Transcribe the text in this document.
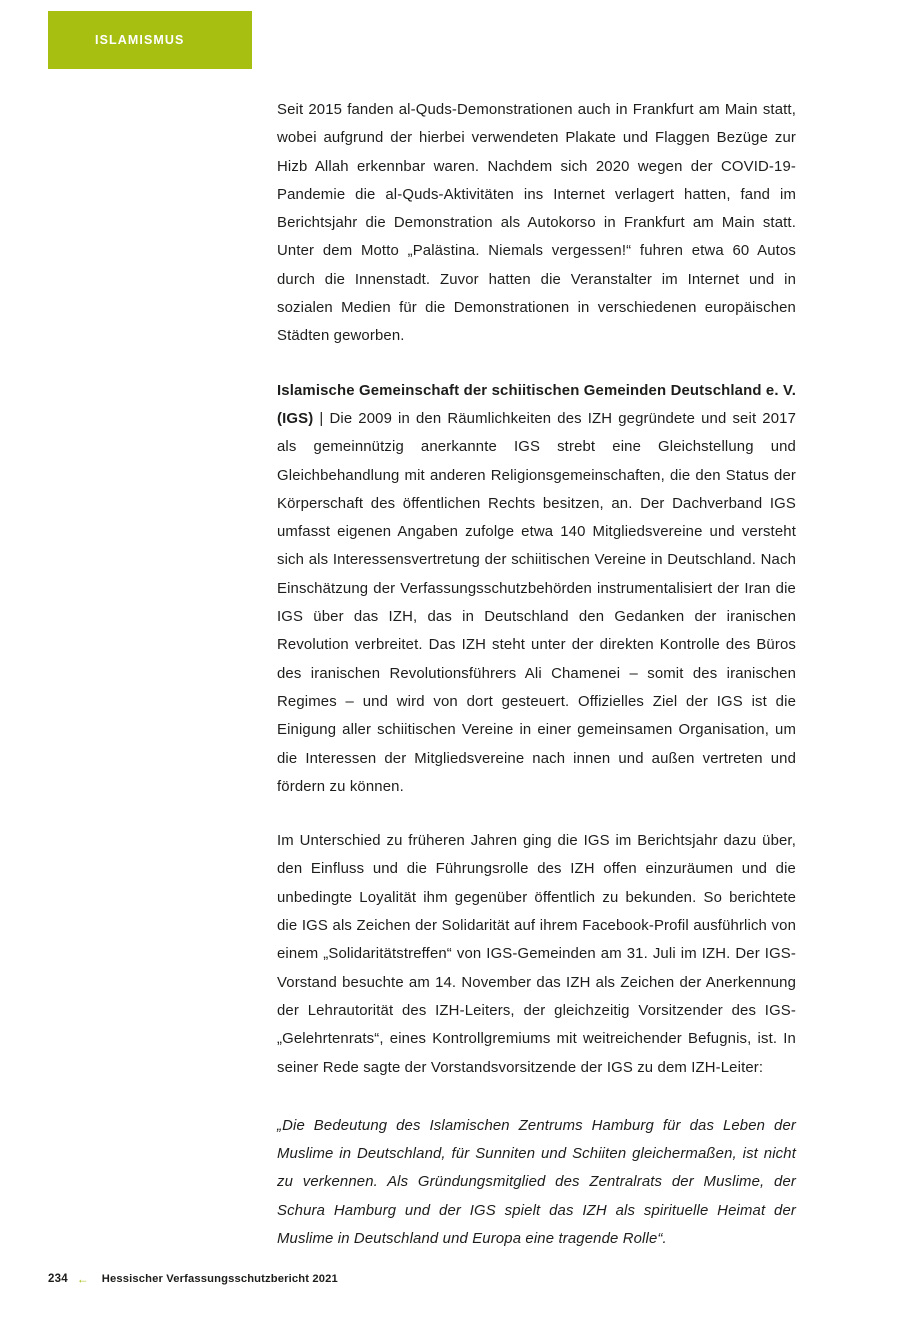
ISLAMISMUS

Seit 2015 fanden al-Quds-Demonstrationen auch in Frankfurt am Main statt, wobei aufgrund der hierbei verwendeten Plakate und Flaggen Bezüge zur Hizb Allah erkennbar waren. Nachdem sich 2020 wegen der COVID-19-Pandemie die al-Quds-Aktivitäten ins Internet verlagert hatten, fand im Berichtsjahr die Demonstration als Autokorso in Frankfurt am Main statt. Unter dem Motto „Palästina. Niemals vergessen!“ fuhren etwa 60 Autos durch die Innenstadt. Zuvor hatten die Veranstalter im Internet und in sozialen Medien für die Demonstrationen in verschiedenen europäischen Städten geworben.

Islamische Gemeinschaft der schiitischen Gemeinden Deutschland e. V. (IGS) | Die 2009 in den Räumlichkeiten des IZH gegründete und seit 2017 als gemeinnützig anerkannte IGS strebt eine Gleichstellung und Gleichbehandlung mit anderen Religionsgemeinschaften, die den Status der Körperschaft des öffentlichen Rechts besitzen, an. Der Dachverband IGS umfasst eigenen Angaben zufolge etwa 140 Mitgliedsvereine und versteht sich als Interessensvertretung der schiitischen Vereine in Deutschland. Nach Einschätzung der Verfassungsschutzbehörden instrumentalisiert der Iran die IGS über das IZH, das in Deutschland den Gedanken der iranischen Revolution verbreitet. Das IZH steht unter der direkten Kontrolle des Büros des iranischen Revolutionsführers Ali Chamenei – somit des iranischen Regimes – und wird von dort gesteuert. Offizielles Ziel der IGS ist die Einigung aller schiitischen Vereine in einer gemeinsamen Organisation, um die Interessen der Mitgliedsvereine nach innen und außen vertreten und fördern zu können.

Im Unterschied zu früheren Jahren ging die IGS im Berichtsjahr dazu über, den Einfluss und die Führungsrolle des IZH offen einzuräumen und die unbedingte Loyalität ihm gegenüber öffentlich zu bekunden. So berichtete die IGS als Zeichen der Solidarität auf ihrem Facebook-Profil ausführlich von einem „Solidaritätstreffen“ von IGS-Gemeinden am 31. Juli im IZH. Der IGS-Vorstand besuchte am 14. November das IZH als Zeichen der Anerkennung der Lehrautorität des IZH-Leiters, der gleichzeitig Vorsitzender des IGS-„Gelehrtenrats“, eines Kontrollgremiums mit weitreichender Befugnis, ist. In seiner Rede sagte der Vorstandsvorsitzende der IGS zu dem IZH-Leiter:

„Die Bedeutung des Islamischen Zentrums Hamburg für das Leben der Muslime in Deutschland, für Sunniten und Schiiten gleichermaßen, ist nicht zu verkennen. Als Gründungsmitglied des Zentralrats der Muslime, der Schura Hamburg und der IGS spielt das IZH als spirituelle Heimat der Muslime in Deutschland und Europa eine tragende Rolle“.

234 ← Hessischer Verfassungsschutzbericht 2021
